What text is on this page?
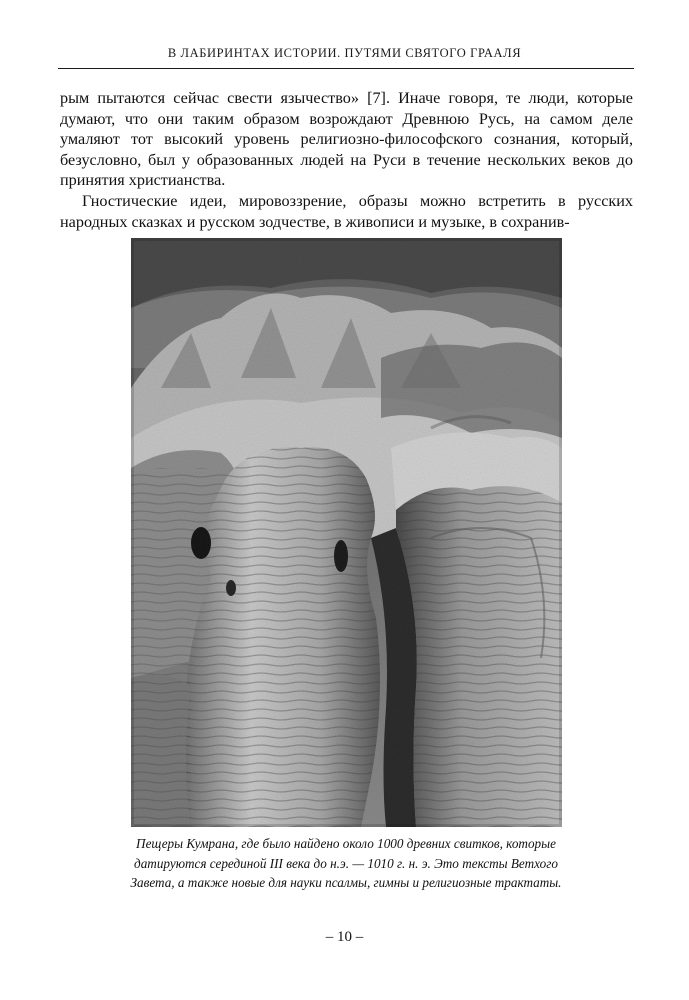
В ЛАБИРИНТАХ ИСТОРИИ. ПУТЯМИ СВЯТОГО ГРААЛЯ

рым пытаются сейчас свести язычество» [7]. Иначе говоря, те люди, которые думают, что они таким образом возрождают Древнюю Русь, на самом деле умаляют тот высокий уровень религиозно-философского сознания, который, безусловно, был у образованных людей на Руси в течение нескольких веков до принятия христианства.

Гностические идеи, мировоззрение, образы можно встретить в русских народных сказках и русском зодчестве, в живописи и музыке, в сохранив-

Пещеры Кумрана, где было найдено около 1000 древних свитков, которые
датируются серединой III века до н.э. — 1010 г. н. э. Это тексты Ветхого
Завета, а также новые для науки псалмы, гимны и религиозные трактаты.
– 10 –
